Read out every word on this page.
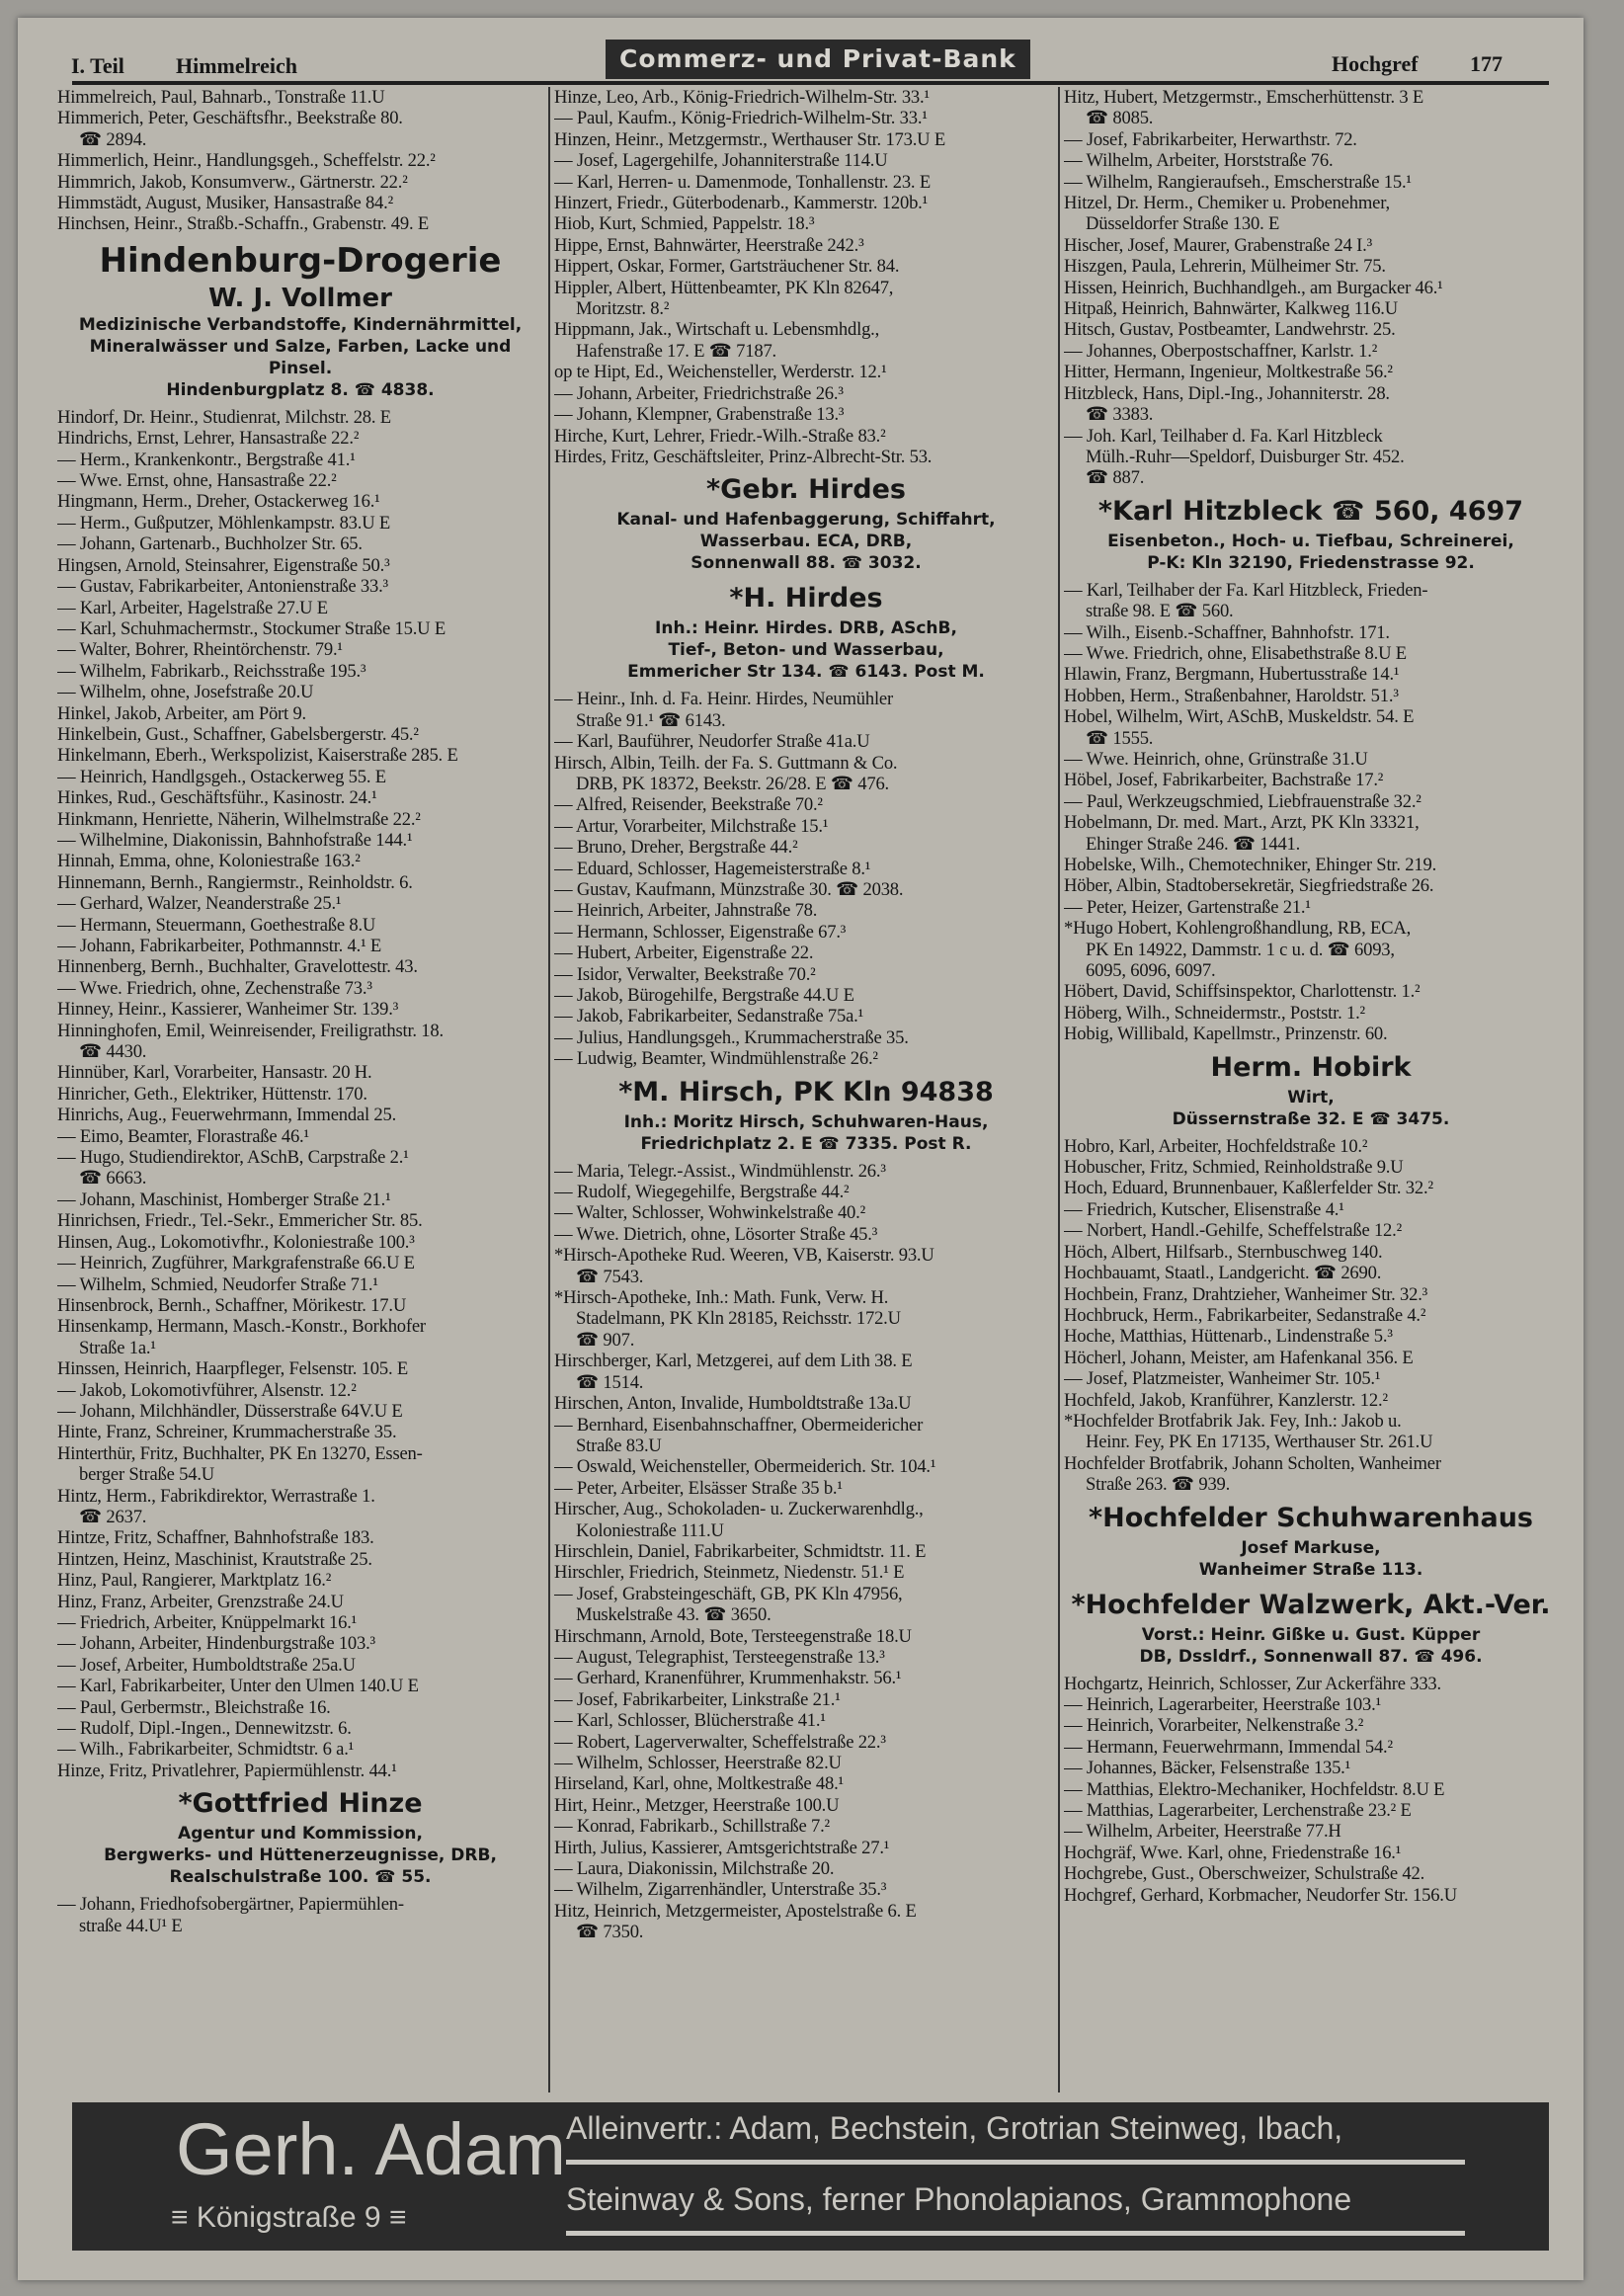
I. Teil Himmelreich	Commerz- und Privat-Bank	Hochgref 177
Himmelreich, Paul, Bahnarb., Tonstraße 11.U
Himmerich, Peter, Geschäftsfhr., Beekstraße 80.
☎ 2894.
Himmerlich, Heinr., Handlungsgeh., Scheffelstr. 22.²
Himmrich, Jakob, Konsumverw., Gärtnerstr. 22.²
Himmstädt, August, Musiker, Hansastraße 84.²
Hinchsen, Heinr., Straßb.-Schaffn., Grabenstr. 49. E
Hindenburg-Drogerie
W. J. Vollmer
Medizinische Verbandstoffe, Kindernährmittel, Mineralwässer und Salze, Farben, Lacke und Pinsel.
Hindenburgplatz 8. ☎ 4838.
Hindorf, Dr. Heinr., Studienrat, Milchstr. 28. E
Hindrichs, Ernst, Lehrer, Hansastraße 22.²
— Herm., Krankenkontr., Bergstraße 41.¹
— Wwe. Ernst, ohne, Hansastraße 22.²
Hingmann, Herm., Dreher, Ostackerweg 16.¹
— Herm., Gußputzer, Möhlenkampstr. 83.U E
— Johann, Gartenarb., Buchholzer Str. 65.
Hingsen, Arnold, Steinsahrer, Eigenstraße 50.³
— Gustav, Fabrikarbeiter, Antonienstraße 33.³
— Karl, Arbeiter, Hagelstraße 27.U E
— Karl, Schuhmachermstr., Stockumer Straße 15.U E
— Walter, Bohrer, Rheintörchenstr. 79.¹
— Wilhelm, Fabrikarb., Reichsstraße 195.³
— Wilhelm, ohne, Josefstraße 20.U
Hinkel, Jakob, Arbeiter, am Pört 9.
Hinkelbein, Gust., Schaffner, Gabelsbergerstr. 45.²
Hinkelmann, Eberh., Werkspolizist, Kaiserstraße 285. E
— Heinrich, Handlgsgeh., Ostackerweg 55. E
Hinkes, Rud., Geschäftsführ., Kasinostr. 24.¹
Hinkmann, Henriette, Näherin, Wilhelmstraße 22.²
— Wilhelmine, Diakonissin, Bahnhofstraße 144.¹
Hinnah, Emma, ohne, Koloniestraße 163.²
Hinnemann, Bernh., Rangiermstr., Reinholdstr. 6.
— Gerhard, Walzer, Neanderstraße 25.¹
— Hermann, Steuermann, Goethestraße 8.U
— Johann, Fabrikarbeiter, Pothmannstr. 4.¹ E
Hinnenberg, Bernh., Buchhalter, Gravelottestr. 43.
— Wwe. Friedrich, ohne, Zechenstraße 73.³
Hinney, Heinr., Kassierer, Wanheimer Str. 139.³
Hinninghofen, Emil, Weinreisender, Freiligrathstr. 18.
☎ 4430.
Hinnüber, Karl, Vorarbeiter, Hansastr. 20 H.
Hinricher, Geth., Elektriker, Hüttenstr. 170.
Hinrichs, Aug., Feuerwehrmann, Immendal 25.
— Eimo, Beamter, Florastraße 46.¹
— Hugo, Studiendirektor, ASchB, Carpstraße 2.¹
☎ 6663.
— Johann, Maschinist, Homberger Straße 21.¹
Hinrichsen, Friedr., Tel.-Sekr., Emmericher Str. 85.
Hinsen, Aug., Lokomotivfhr., Koloniestraße 100.³
— Heinrich, Zugführer, Markgrafenstraße 66.U E
— Wilhelm, Schmied, Neudorfer Straße 71.¹
Hinsenbrock, Bernh., Schaffner, Mörikestr. 17.U
Hinsenkamp, Hermann, Masch.-Konstr., Borkhofer
Straße 1a.¹
Hinssen, Heinrich, Haarpfleger, Felsenstr. 105. E
— Jakob, Lokomotivführer, Alsenstr. 12.²
— Johann, Milchhändler, Düsserstraße 64V.U E
Hinte, Franz, Schreiner, Krummacherstraße 35.
Hinterthür, Fritz, Buchhalter, PK En 13270, Essen-
berger Straße 54.U
Hintz, Herm., Fabrikdirektor, Werrastraße 1.
☎ 2637.
Hintze, Fritz, Schaffner, Bahnhofstraße 183.
Hintzen, Heinz, Maschinist, Krautstraße 25.
Hinz, Paul, Rangierer, Marktplatz 16.²
Hinz, Franz, Arbeiter, Grenzstraße 24.U
— Friedrich, Arbeiter, Knüppelmarkt 16.¹
— Johann, Arbeiter, Hindenburgstraße 103.³
— Josef, Arbeiter, Humboldtstraße 25a.U
— Karl, Fabrikarbeiter, Unter den Ulmen 140.U E
— Paul, Gerbermstr., Bleichstraße 16.
— Rudolf, Dipl.-Ingen., Dennewitzstr. 6.
— Wilh., Fabrikarbeiter, Schmidtstr. 6 a.¹
Hinze, Fritz, Privatlehrer, Papiermühlenstr. 44.¹
*Gottfried Hinze
Agentur und Kommission,
Bergwerks- und Hüttenerzeugnisse, DRB,
Realschulstraße 100. ☎ 55.
— Johann, Friedhofsobergärtner, Papiermühlen-
straße 44.U¹ E
Hinze, Leo, Arb., König-Friedrich-Wilhelm-Str. 33.¹
— Paul, Kaufm., König-Friedrich-Wilhelm-Str. 33.¹
Hinzen, Heinr., Metzgermstr., Werthauser Str. 173.U E
— Josef, Lagergehilfe, Johanniterstraße 114.U
— Karl, Herren- u. Damenmode, Tonhallenstr. 23. E
Hinzert, Friedr., Güterbodenarb., Kammerstr. 120b.¹
Hiob, Kurt, Schmied, Pappelstr. 18.³
Hippe, Ernst, Bahnwärter, Heerstraße 242.³
Hippert, Oskar, Former, Gartsträuchener Str. 84.
Hippler, Albert, Hüttenbeamter, PK Kln 82647,
Moritzstr. 8.²
Hippmann, Jak., Wirtschaft u. Lebensmhdlg.,
Hafenstraße 17. E ☎ 7187.
op te Hipt, Ed., Weichensteller, Werderstr. 12.¹
— Johann, Arbeiter, Friedrichstraße 26.³
— Johann, Klempner, Grabenstraße 13.³
Hirche, Kurt, Lehrer, Friedr.-Wilh.-Straße 83.²
Hirdes, Fritz, Geschäftsleiter, Prinz-Albrecht-Str. 53.
*Gebr. Hirdes
Kanal- und Hafenbaggerung, Schiffahrt,
Wasserbau. ECA, DRB,
Sonnenwall 88. ☎ 3032.
*H. Hirdes
Inh.: Heinr. Hirdes. DRB, ASchB,
Tief-, Beton- und Wasserbau,
Emmericher Str 134. ☎ 6143. Post M.
— Heinr., Inh. d. Fa. Heinr. Hirdes, Neumühler
Straße 91.¹ ☎ 6143.
— Karl, Bauführer, Neudorfer Straße 41a.U
Hirsch, Albin, Teilh. der Fa. S. Guttmann & Co.
DRB, PK 18372, Beekstr. 26/28. E ☎ 476.
— Alfred, Reisender, Beekstraße 70.²
— Artur, Vorarbeiter, Milchstraße 15.¹
— Bruno, Dreher, Bergstraße 44.²
— Eduard, Schlosser, Hagemeisterstraße 8.¹
— Gustav, Kaufmann, Münzstraße 30. ☎ 2038.
— Heinrich, Arbeiter, Jahnstraße 78.
— Hermann, Schlosser, Eigenstraße 67.³
— Hubert, Arbeiter, Eigenstraße 22.
— Isidor, Verwalter, Beekstraße 70.²
— Jakob, Bürogehilfe, Bergstraße 44.U E
— Jakob, Fabrikarbeiter, Sedanstraße 75a.¹
— Julius, Handlungsgeh., Krummacherstraße 35.
— Ludwig, Beamter, Windmühlenstraße 26.²
*M. Hirsch, PK Kln 94838
Inh.: Moritz Hirsch, Schuhwaren-Haus,
Friedrichplatz 2. E ☎ 7335. Post R.
— Maria, Telegr.-Assist., Windmühlenstr. 26.³
— Rudolf, Wiegegehilfe, Bergstraße 44.²
— Walter, Schlosser, Wohwinkelstraße 40.²
— Wwe. Dietrich, ohne, Lösorter Straße 45.³
*Hirsch-Apotheke Rud. Weeren, VB, Kaiserstr. 93.U
☎ 7543.
*Hirsch-Apotheke, Inh.: Math. Funk, Verw. H.
Stadelmann, PK Kln 28185, Reichsstr. 172.U
☎ 907.
Hirschberger, Karl, Metzgerei, auf dem Lith 38. E
☎ 1514.
Hirschen, Anton, Invalide, Humboldtstraße 13a.U
— Bernhard, Eisenbahnschaffner, Obermeidericher
Straße 83.U
— Oswald, Weichensteller, Obermeiderich. Str. 104.¹
— Peter, Arbeiter, Elsässer Straße 35 b.¹
Hirscher, Aug., Schokoladen- u. Zuckerwarenhdlg.,
Koloniestraße 111.U
Hirschlein, Daniel, Fabrikarbeiter, Schmidtstr. 11. E
Hirschler, Friedrich, Steinmetz, Niedenstr. 51.¹ E
— Josef, Grabsteingeschäft, GB, PK Kln 47956,
Muskelstraße 43. ☎ 3650.
Hirschmann, Arnold, Bote, Tersteegenstraße 18.U
— August, Telegraphist, Tersteegenstraße 13.³
— Gerhard, Kranenführer, Krummenhakstr. 56.¹
— Josef, Fabrikarbeiter, Linkstraße 21.¹
— Karl, Schlosser, Blücherstraße 41.¹
— Robert, Lagerverwalter, Scheffelstraße 22.³
— Wilhelm, Schlosser, Heerstraße 82.U
Hirseland, Karl, ohne, Moltkestraße 48.¹
Hirt, Heinr., Metzger, Heerstraße 100.U
— Konrad, Fabrikarb., Schillstraße 7.²
Hirth, Julius, Kassierer, Amtsgerichtstraße 27.¹
— Laura, Diakonissin, Milchstraße 20.
— Wilhelm, Zigarrenhändler, Unterstraße 35.³
Hitz, Heinrich, Metzgermeister, Apostelstraße 6. E
☎ 7350.
Hitz, Hubert, Metzgermstr., Emscherhüttenstr. 3 E
☎ 8085.
— Josef, Fabrikarbeiter, Herwarthstr. 72.
— Wilhelm, Arbeiter, Horststraße 76.
— Wilhelm, Rangieraufseh., Emscherstraße 15.¹
Hitzel, Dr. Herm., Chemiker u. Probenehmer,
Düsseldorfer Straße 130. E
Hischer, Josef, Maurer, Grabenstraße 24 I.³
Hiszgen, Paula, Lehrerin, Mülheimer Str. 75.
Hissen, Heinrich, Buchhandlgeh., am Burgacker 46.¹
Hitpaß, Heinrich, Bahnwärter, Kalkweg 116.U
Hitsch, Gustav, Postbeamter, Landwehrstr. 25.
— Johannes, Oberpostschaffner, Karlstr. 1.²
Hitter, Hermann, Ingenieur, Moltkestraße 56.²
Hitzbleck, Hans, Dipl.-Ing., Johanniterstr. 28.
☎ 3383.
— Joh. Karl, Teilhaber d. Fa. Karl Hitzbleck
Mülh.-Ruhr—Speldorf, Duisburger Str. 452.
☎ 887.
*Karl Hitzbleck ☎ 560, 4697
Eisenbeton., Hoch- u. Tiefbau, Schreinerei,
P-K: Kln 32190, Friedenstrasse 92.
— Karl, Teilhaber der Fa. Karl Hitzbleck, Frieden-
straße 98. E ☎ 560.
— Wilh., Eisenb.-Schaffner, Bahnhofstr. 171.
— Wwe. Friedrich, ohne, Elisabethstraße 8.U E
Hlawin, Franz, Bergmann, Hubertusstraße 14.¹
Hobben, Herm., Straßenbahner, Haroldstr. 51.³
Hobel, Wilhelm, Wirt, ASchB, Muskeldstr. 54. E
☎ 1555.
— Wwe. Heinrich, ohne, Grünstraße 31.U
Höbel, Josef, Fabrikarbeiter, Bachstraße 17.²
— Paul, Werkzeugschmied, Liebfrauenstraße 32.²
Hobelmann, Dr. med. Mart., Arzt, PK Kln 33321,
Ehinger Straße 246. ☎ 1441.
Hobelske, Wilh., Chemotechniker, Ehinger Str. 219.
Höber, Albin, Stadtobersekretär, Siegfriedstraße 26.
— Peter, Heizer, Gartenstraße 21.¹
*Hugo Hobert, Kohlengroßhandlung, RB, ECA,
PK En 14922, Dammstr. 1 c u. d. ☎ 6093,
6095, 6096, 6097.
Höbert, David, Schiffsinspektor, Charlottenstr. 1.²
Höberg, Wilh., Schneidermstr., Poststr. 1.²
Hobig, Willibald, Kapellmstr., Prinzenstr. 60.
Herm. Hobirk
Wirt,
Düssernstraße 32. E ☎ 3475.
Hobro, Karl, Arbeiter, Hochfeldstraße 10.²
Hobuscher, Fritz, Schmied, Reinholdstraße 9.U
Hoch, Eduard, Brunnenbauer, Kaßlerfelder Str. 32.²
— Friedrich, Kutscher, Elisenstraße 4.¹
— Norbert, Handl.-Gehilfe, Scheffelstraße 12.²
Höch, Albert, Hilfsarb., Sternbuschweg 140.
Hochbauamt, Staatl., Landgericht. ☎ 2690.
Hochbein, Franz, Drahtzieher, Wanheimer Str. 32.³
Hochbruck, Herm., Fabrikarbeiter, Sedanstraße 4.²
Hoche, Matthias, Hüttenarb., Lindenstraße 5.³
Höcherl, Johann, Meister, am Hafenkanal 356. E
— Josef, Platzmeister, Wanheimer Str. 105.¹
Hochfeld, Jakob, Kranführer, Kanzlerstr. 12.²
*Hochfelder Brotfabrik Jak. Fey, Inh.: Jakob u.
Heinr. Fey, PK En 17135, Werthauser Str. 261.U
Hochfelder Brotfabrik, Johann Scholten, Wanheimer
Straße 263. ☎ 939.
*Hochfelder Schuhwarenhaus
Josef Markuse,
Wanheimer Straße 113.
*Hochfelder Walzwerk, Akt.-Ver.
Vorst.: Heinr. Gißke u. Gust. Küpper
DB, Dssldrf., Sonnenwall 87. ☎ 496.
Hochgartz, Heinrich, Schlosser, Zur Ackerfähre 333.
— Heinrich, Lagerarbeiter, Heerstraße 103.¹
— Heinrich, Vorarbeiter, Nelkenstraße 3.²
— Hermann, Feuerwehrmann, Immendal 54.²
— Johannes, Bäcker, Felsenstraße 135.¹
— Matthias, Elektro-Mechaniker, Hochfeldstr. 8.U E
— Matthias, Lagerarbeiter, Lerchenstraße 23.² E
— Wilhelm, Arbeiter, Heerstraße 77.H
Hochgräf, Wwe. Karl, ohne, Friedenstraße 16.¹
Hochgrebe, Gust., Oberschweizer, Schulstraße 42.
Hochgref, Gerhard, Korbmacher, Neudorfer Str. 156.U
Gerh. Adam
≡ Königstraße 9 ≡
Alleinvertr.: Adam, Bechstein, Grotrian Steinweg, Ibach,
Steinway & Sons, ferner Phonolapianos, Grammophone
